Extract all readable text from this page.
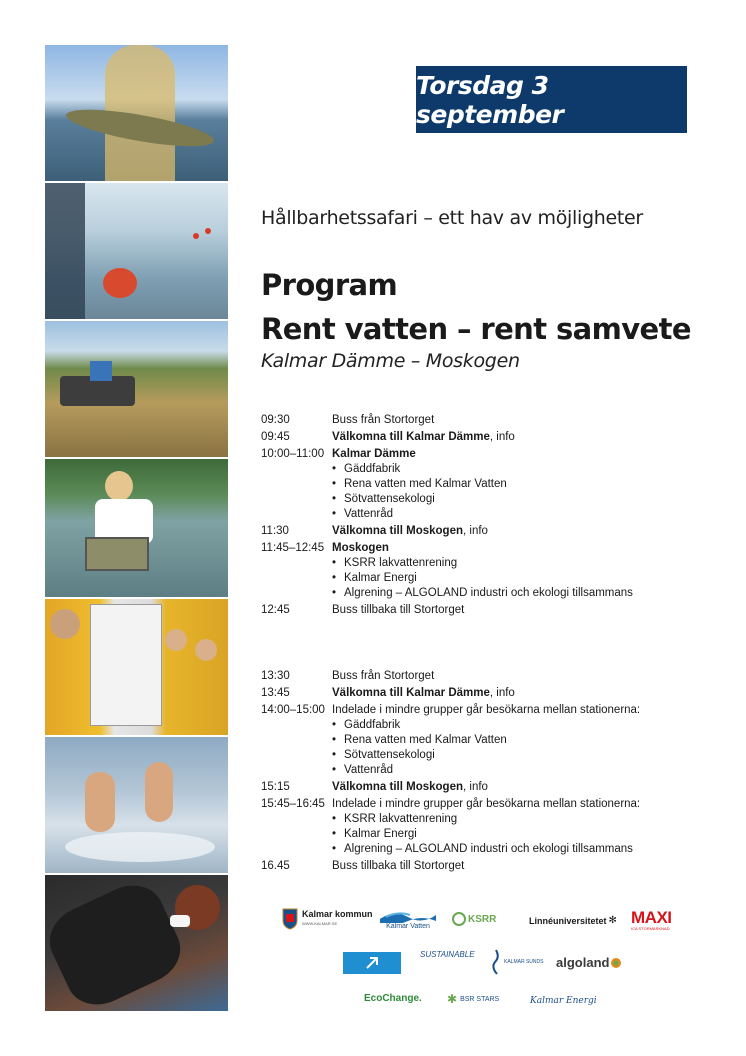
Torsdag 3 september
Hållbarhetssafari – ett hav av möjligheter
Program
Rent vatten – rent samvete
Kalmar Dämme – Moskogen
09:30	Buss från Stortorget
09:45	Välkomna till Kalmar Dämme, info
10:00–11:00 Kalmar Dämme
• Gäddfabrik
• Rena vatten med Kalmar Vatten
• Sötvattensekologi
• Vattenråd
11:30	Välkomna till Moskogen, info
11:45–12:45 Moskogen
• KSRR lakvattenrening
• Kalmar Energi
• Algrening – ALGOLAND industri och ekologi tillsammans
12:45	Buss tillbaka till Stortorget
13:30	Buss från Stortorget
13:45	Välkomna till Kalmar Dämme, info
14:00–15:00 Indelade i mindre grupper går besökarna mellan stationerna:
• Gäddfabrik
• Rena vatten med Kalmar Vatten
• Sötvattensekologi
• Vattenråd
15:15	Välkomna till Moskogen, info
15:45–16:45 Indelade i mindre grupper går besökarna mellan stationerna:
• KSRR lakvattenrening
• Kalmar Energi
• Algrening – ALGOLAND industri och ekologi tillsammans
16.45	Buss tillbaka till Stortorget
Kalmar kommun
WWW.KALMAR.SE	Kalmar Vatten
KSRR	Linnéuniversitetet ✻ MAXI
ICA STORMARKNAD
SUSTAINABLE
KALMAR SUNDS algoland
EcoChange. ✱ BSR STARS	Kalmar Energi
